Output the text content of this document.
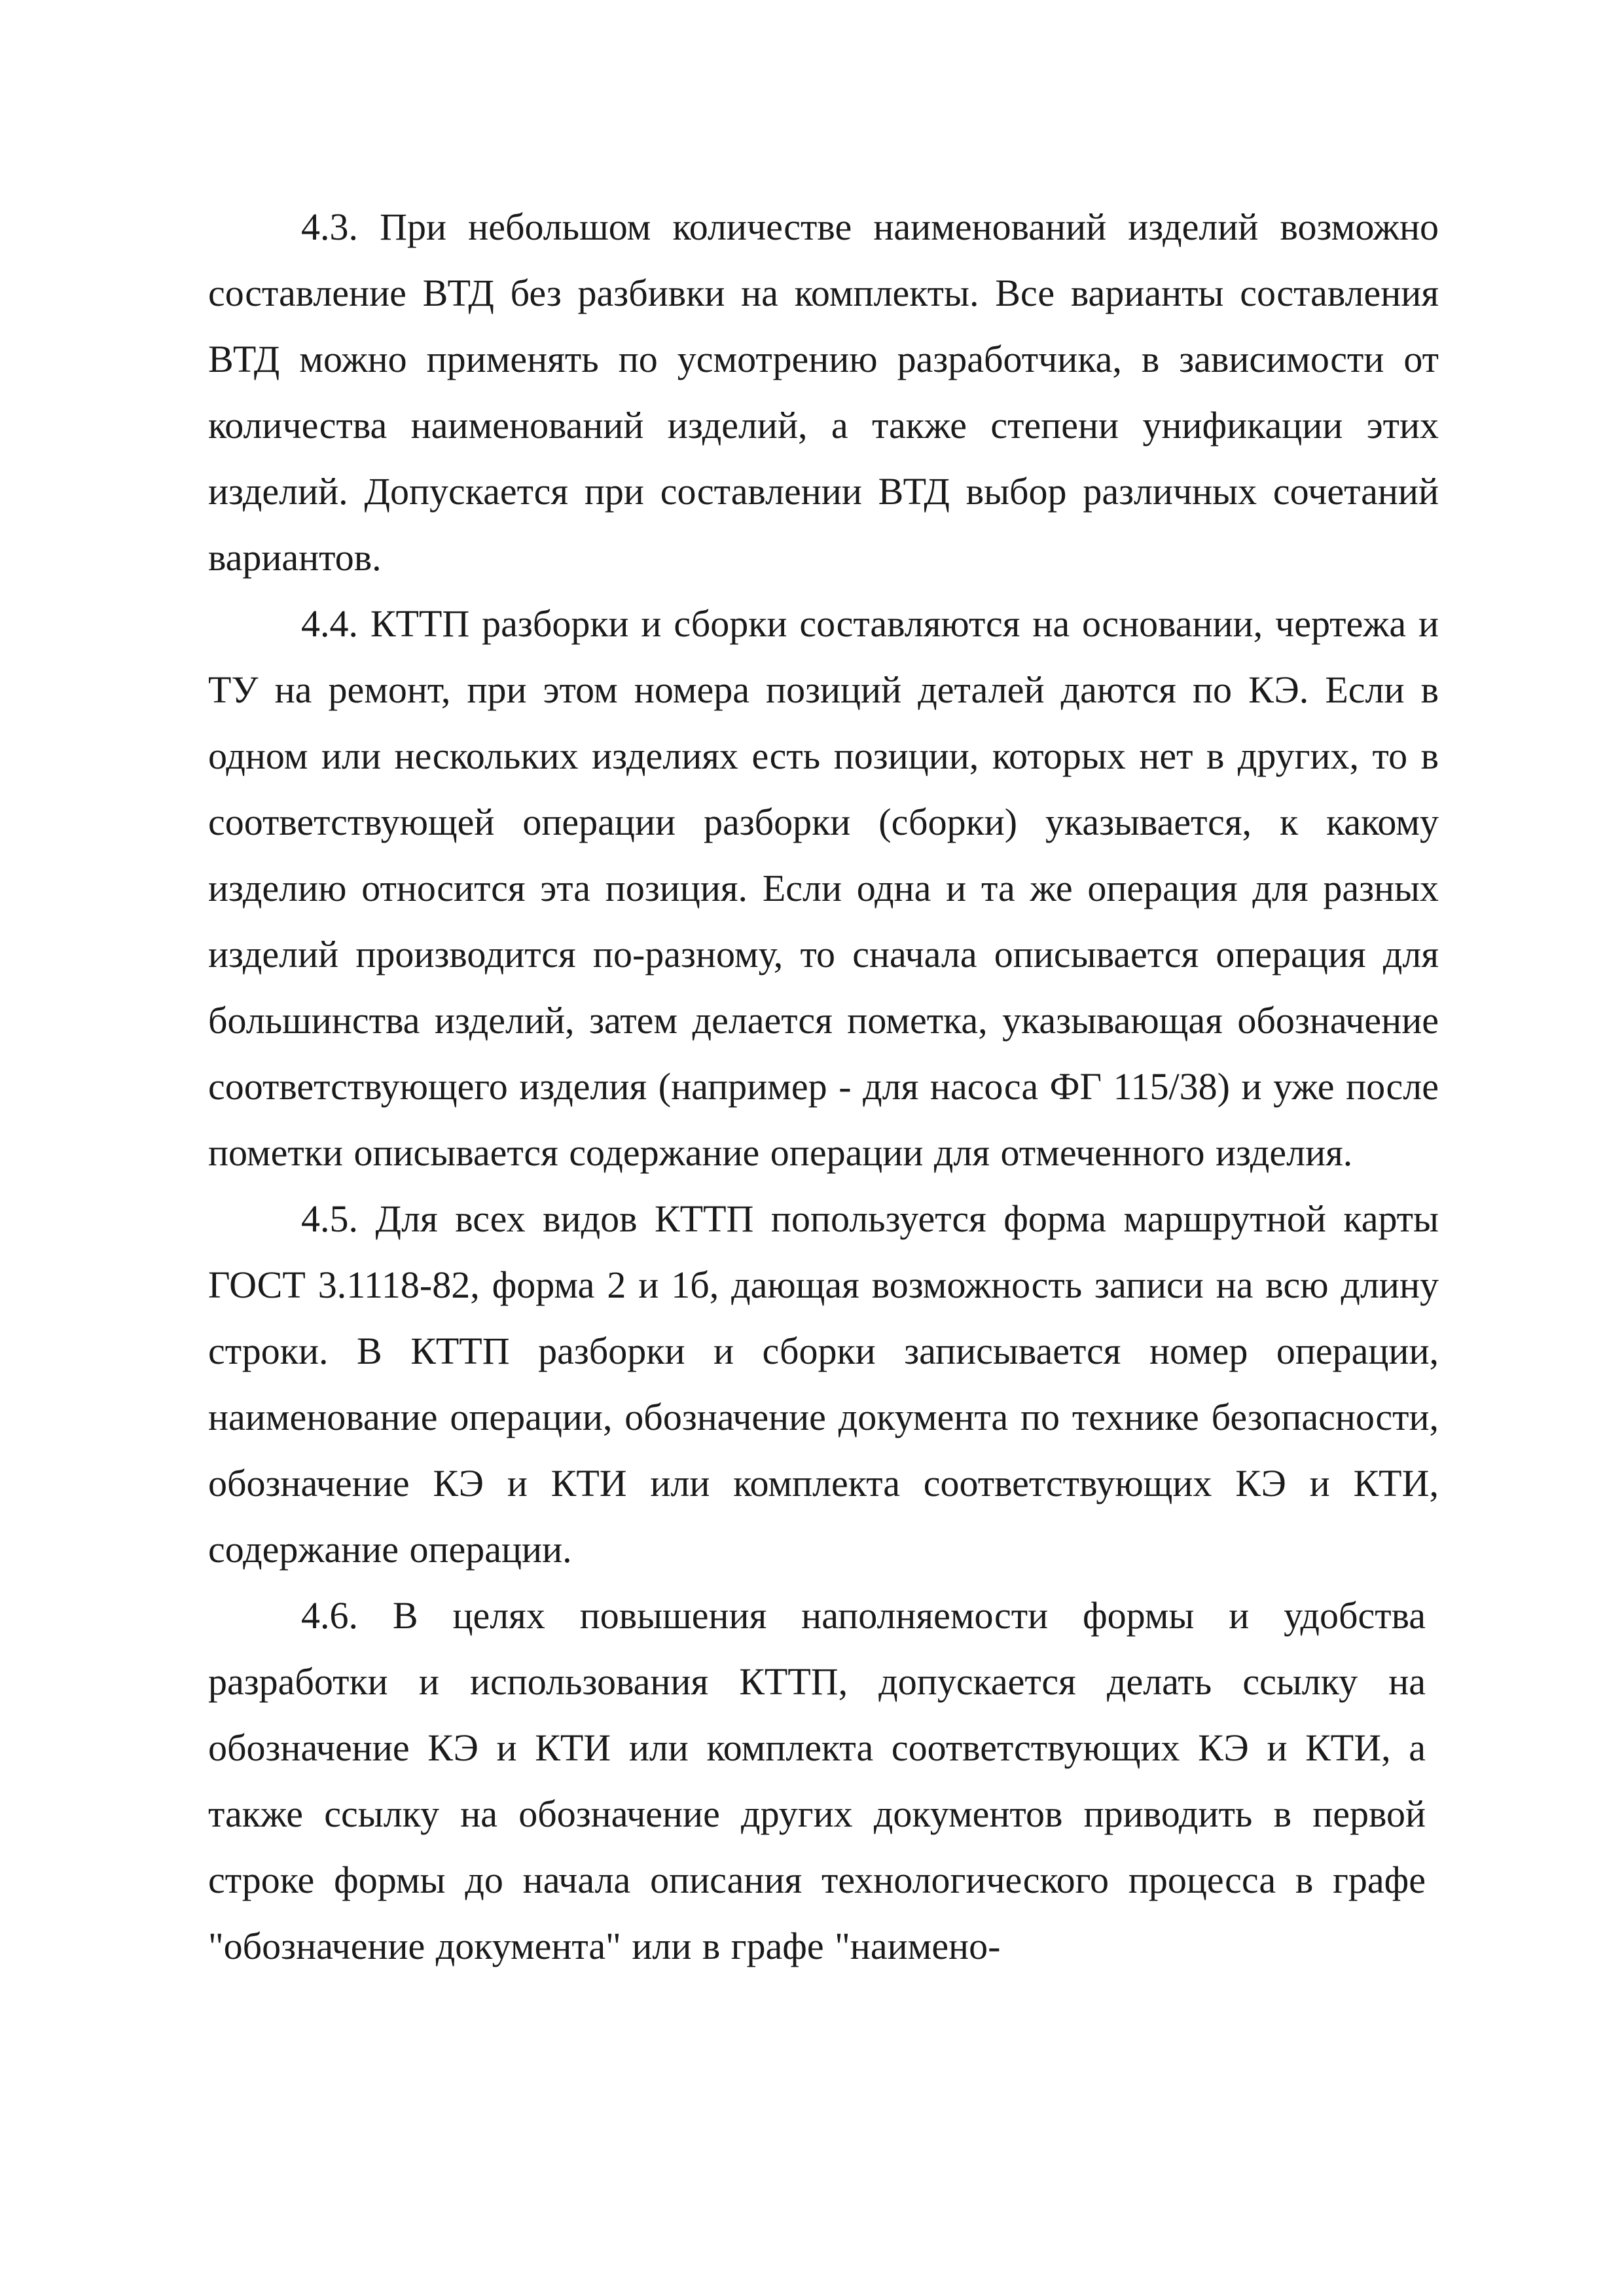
4.3. При небольшом количестве наименований изделий возможно составление ВТД без разбивки на комплекты. Все варианты составления ВТД можно применять по усмотрению разработчика, в зависимости от количества наименований изделий, а также степени унификации этих изделий. Допускается при составлении ВТД выбор различных сочетаний вариантов.

4.4. КТТП разборки и сборки составляются на основании, чертежа и ТУ на ремонт, при этом номера позиций деталей даются по КЭ. Если в одном или нескольких изделиях есть позиции, которых нет в других, то в соответствующей операции разборки (сборки) указывается, к какому изделию относится эта позиция. Если одна и та же операция для разных изделий производится по-разному, то сначала описывается операция для большинства изделий, затем делается пометка, указывающая обозначение соответствующего изделия (например - для насоса ФГ 115/38) и уже после пометки описывается содержание операции для отмеченного изделия.

4.5. Для всех видов КТТП попользуется форма маршрутной карты ГОСТ 3.1118-82, форма 2 и 1б, дающая возможность записи на всю длину строки. В КТТП разборки и сборки записывается номер операции, наименование операции, обозначение документа по технике безопасности, обозначение КЭ и КТИ или комплекта соответствующих КЭ и КТИ, содержание операции.

4.6. В целях повышения наполняемости формы и удобства разработки и использования КТТП, допускается делать ссылку на обозначение КЭ и КТИ или комплекта соответствующих КЭ и КТИ, а также ссылку на обозначение других документов приводить в первой строке формы до начала описания технологического процесса в графе "обозначение документа" или в графе "наимено-
